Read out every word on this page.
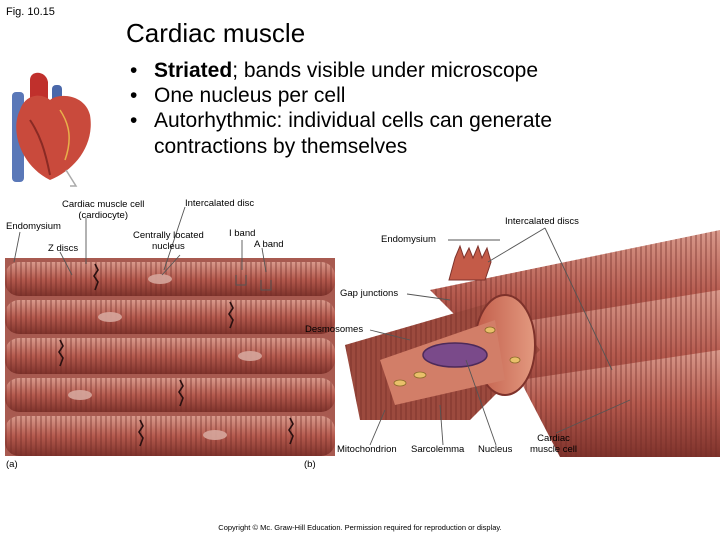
Fig. 10.15
Cardiac muscle
• Striated; bands visible under microscope
• One nucleus per cell
• Autorhythmic: individual cells can generate contractions by themselves
Cardiac muscle cell
(cardiocyte)
Intercalated disc
Endomysium
Centrally located
nucleus
I band
A band
Z discs
(a)
Intercalated discs
Endomysium
Gap junctions
Desmosomes
Mitochondrion Sarcolemma Nucleus
Cardiac
muscle cell
(b)
Copyright © Mc. Graw-Hill Education. Permission required for reproduction or display.
